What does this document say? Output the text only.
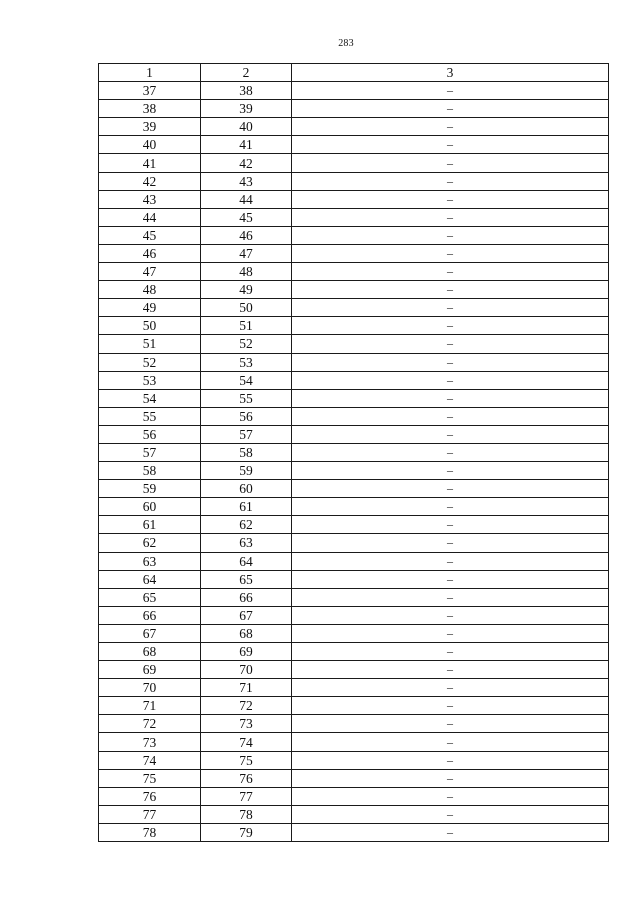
283
1	2	3
37	38	–
38	39	–
39	40	–
40	41	–
41	42	–
42	43	–
43	44	–
44	45	–
45	46	–
46	47	–
47	48	–
48	49	–
49	50	–
50	51	–
51	52	–
52	53	–
53	54	–
54	55	–
55	56	–
56	57	–
57	58	–
58	59	–
59	60	–
60	61	–
61	62	–
62	63	–
63	64	–
64	65	–
65	66	–
66	67	–
67	68	–
68	69	–
69	70	–
70	71	–
71	72	–
72	73	–
73	74	–
74	75	–
75	76	–
76	77	–
77	78	–
78	79	–
